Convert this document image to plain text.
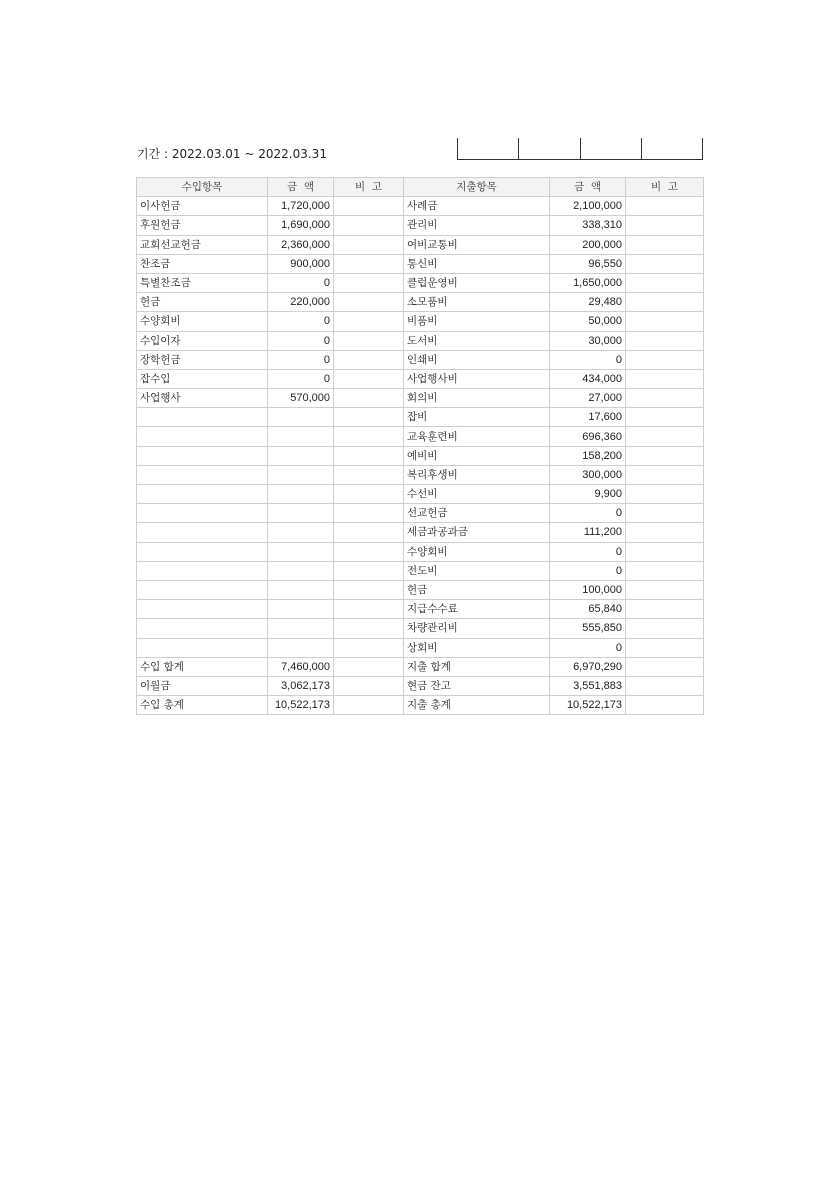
기간 : 2022.03.01 ~ 2022.03.31
수입항목	금  액	비  고	지출항목	금  액	비  고
이사헌금	1,720,000		사례금	2,100,000	
후원헌금	1,690,000		관리비	338,310	
교회선교헌금	2,360,000		여비교통비	200,000	
찬조금	900,000		통신비	96,550	
특별찬조금	0		클럽운영비	1,650,000	
헌금	220,000		소모품비	29,480	
수양회비	0		비품비	50,000	
수입이자	0		도서비	30,000	
장학헌금	0		인쇄비	0	
잡수입	0		사업행사비	434,000	
사업행사	570,000		회의비	27,000	
			잡비	17,600	
			교육훈련비	696,360	
			예비비	158,200	
			복리후생비	300,000	
			수선비	9,900	
			선교헌금	0	
			세금과공과금	111,200	
			수양회비	0	
			전도비	0	
			헌금	100,000	
			지급수수료	65,840	
			차량관리비	555,850	
			상회비	0	
수입 합계	7,460,000		지출 합계	6,970,290	
이월금	3,062,173		현금 잔고	3,551,883	
수입 총계	10,522,173		지출 총계	10,522,173	
